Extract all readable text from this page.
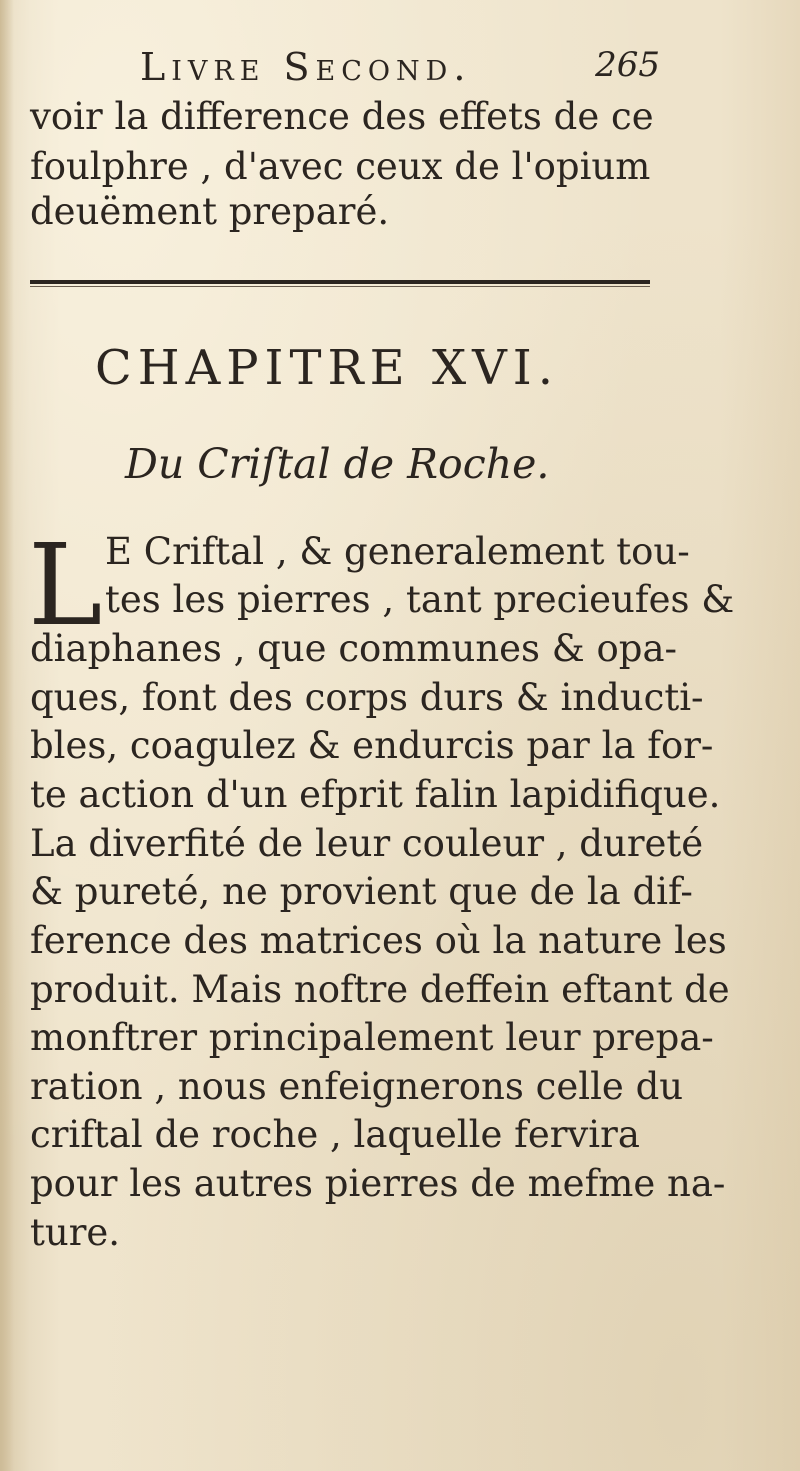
Livre Second.	265
voir la difference des effets de ce
foulphre , d'avec ceux de l'opium
deuëment preparé.
CHAPITRE XVI.
Du Criſtal de Roche.
L E Criftal , & generalement tou-
tes les pierres , tant precieufes &
diaphanes , que communes & opa-
ques, font des corps durs & inducti-
bles, coagulez & endurcis par la for-
te action d'un efprit falin lapidifique.
La diverfité de leur couleur , dureté
& pureté, ne provient que de la dif-
ference des matrices où la nature les
produit. Mais noftre deffein eftant de
monftrer principalement leur prepa-
ration , nous enfeignerons celle du
criftal de roche , laquelle fervira
pour les autres pierres de mefme na-
ture.
